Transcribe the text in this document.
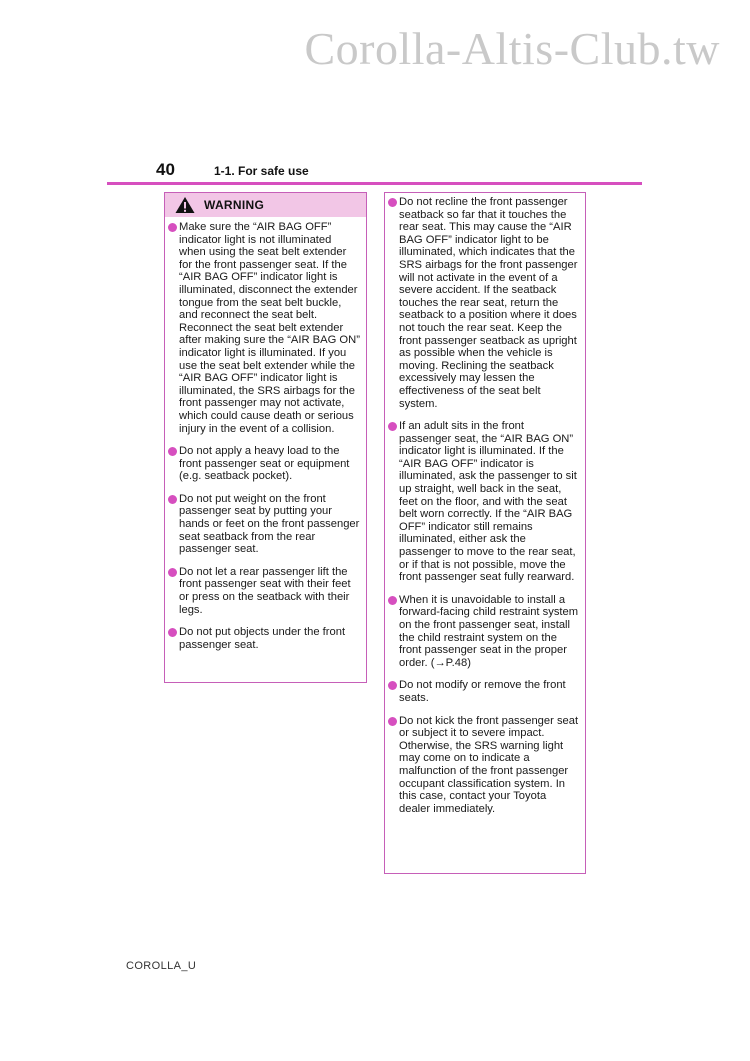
Corolla-Altis-Club.tw
40	1-1. For safe use
WARNING
Make sure the “AIR BAG OFF” indicator light is not illuminated when using the seat belt extender for the front passenger seat. If the “AIR BAG OFF” indicator light is illuminated, disconnect the extender tongue from the seat belt buckle, and reconnect the seat belt. Reconnect the seat belt extender after making sure the “AIR BAG ON” indicator light is illuminated. If you use the seat belt extender while the “AIR BAG OFF” indicator light is illuminated, the SRS airbags for the front passenger may not activate, which could cause death or serious injury in the event of a collision.
Do not apply a heavy load to the front passenger seat or equipment (e.g. seatback pocket).
Do not put weight on the front passenger seat by putting your hands or feet on the front passenger seat seatback from the rear passenger seat.
Do not let a rear passenger lift the front passenger seat with their feet or press on the seatback with their legs.
Do not put objects under the front passenger seat.
Do not recline the front passenger seatback so far that it touches the rear seat. This may cause the “AIR BAG OFF” indicator light to be illuminated, which indicates that the SRS airbags for the front passenger will not activate in the event of a severe accident. If the seatback touches the rear seat, return the seatback to a position where it does not touch the rear seat. Keep the front passenger seatback as upright as possible when the vehicle is moving. Reclining the seatback excessively may lessen the effectiveness of the seat belt system.
If an adult sits in the front passenger seat, the “AIR BAG ON” indicator light is illuminated. If the “AIR BAG OFF” indicator is illuminated, ask the passenger to sit up straight, well back in the seat, feet on the floor, and with the seat belt worn correctly. If the “AIR BAG OFF” indicator still remains illuminated, either ask the passenger to move to the rear seat, or if that is not possible, move the front passenger seat fully rearward.
When it is unavoidable to install a forward-facing child restraint system on the front passenger seat, install the child restraint system on the front passenger seat in the proper order. (→P.48)
Do not modify or remove the front seats.
Do not kick the front passenger seat or subject it to severe impact. Otherwise, the SRS warning light may come on to indicate a malfunction of the front passenger occupant classification system. In this case, contact your Toyota dealer immediately.
COROLLA_U
